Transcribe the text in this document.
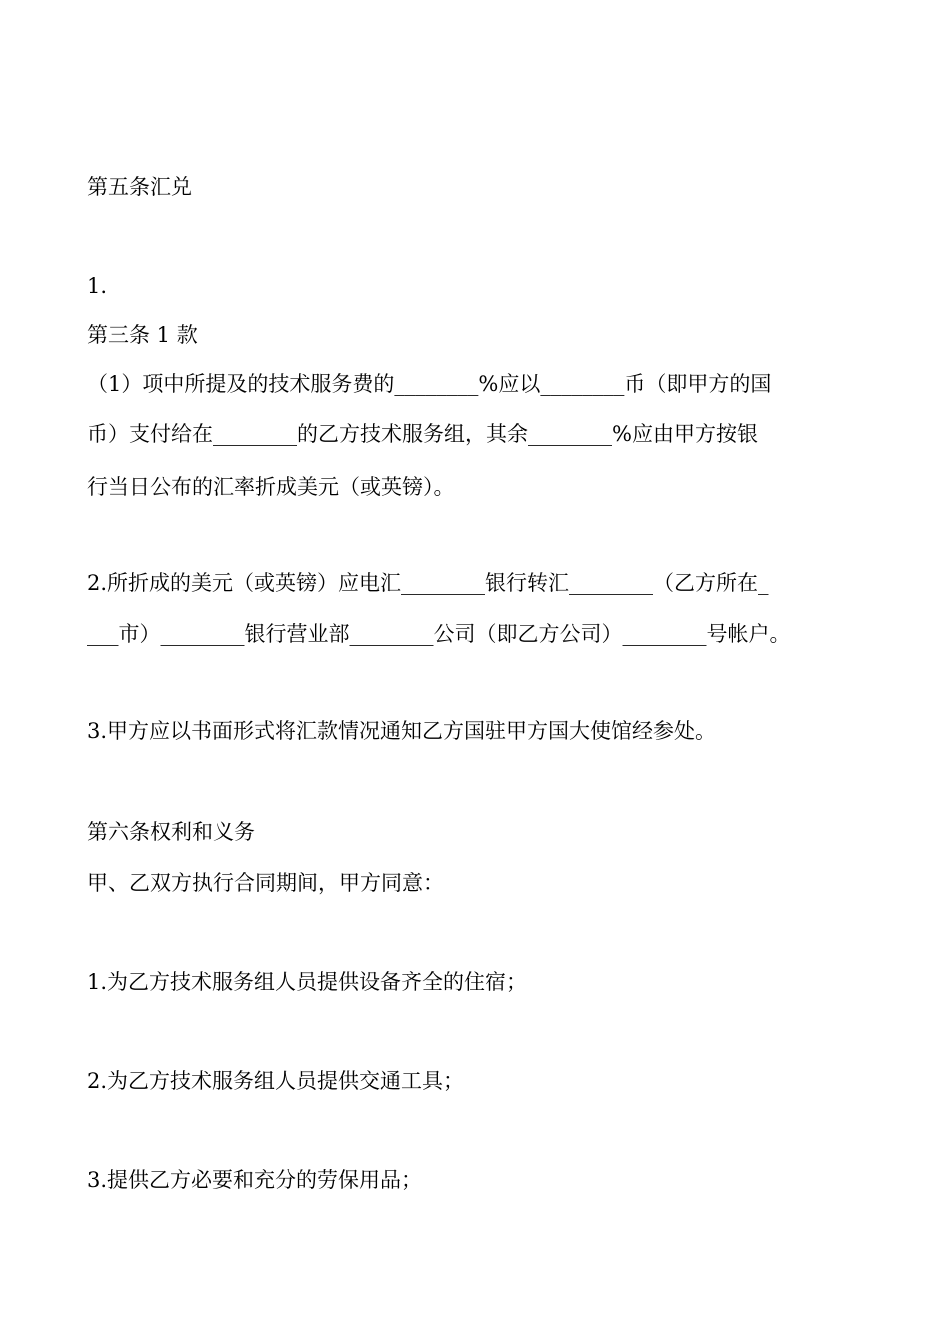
第五条汇兑
1.
第三条 1 款
（1）项中所提及的技术服务费的________%应以________币（即甲方的国
币）支付给在________的乙方技术服务组，其余________%应由甲方按银
行当日公布的汇率折成美元（或英镑）。
2.所折成的美元（或英镑）应电汇________银行转汇________（乙方所在_
___市）________银行营业部________公司（即乙方公司）________号帐户。
3.甲方应以书面形式将汇款情况通知乙方国驻甲方国大使馆经参处。
第六条权利和义务
甲、乙双方执行合同期间，甲方同意：
1.为乙方技术服务组人员提供设备齐全的住宿；
2.为乙方技术服务组人员提供交通工具；
3.提供乙方必要和充分的劳保用品；
